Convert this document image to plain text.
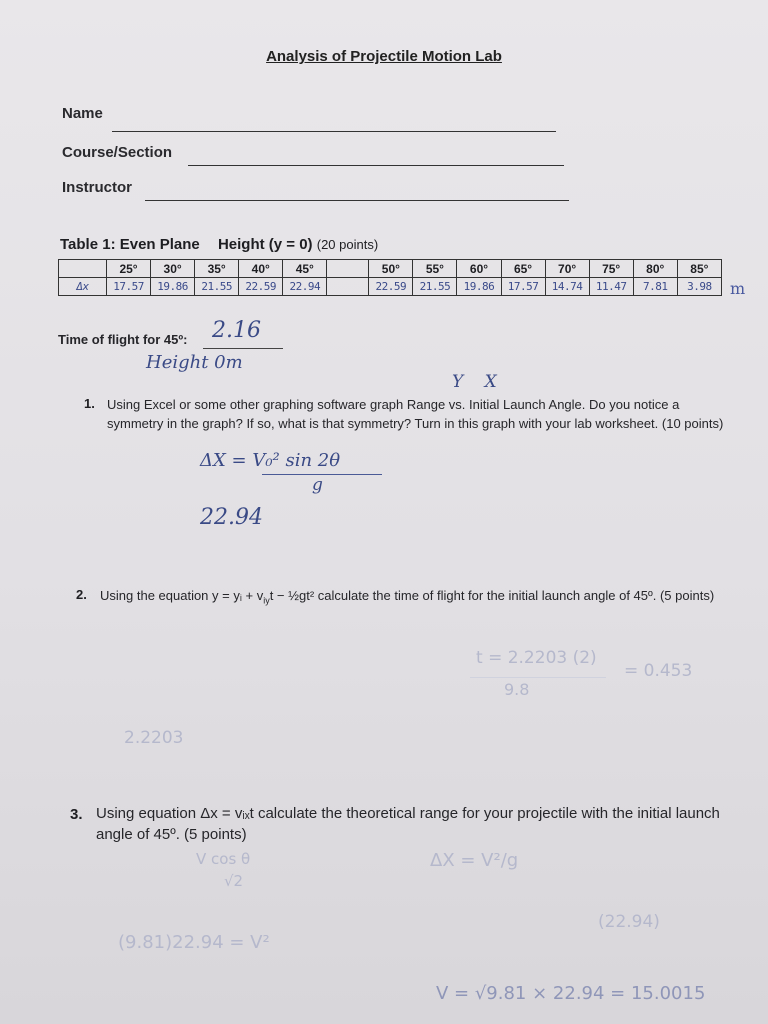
Analysis of Projectile Motion Lab
Name
Course/Section
Instructor
Table 1: Even Plane Height (y = 0) (20 points)
	25°	30°	35°	40°	45°		50°	55°	60°	65°	70°	75°	80°	85°
Δx	17.57	19.86	21.55	22.59	22.94		22.59	21.55	19.86	17.57	14.74	11.47	7.81	3.98 m
Time of flight for 45º: 2.16
Height 0m
Y X
1. Using Excel or some other graphing software graph Range vs. Initial Launch Angle. Do you notice a symmetry in the graph? If so, what is that symmetry? Turn in this graph with your lab worksheet. (10 points)
ΔX = V₀² sin 2θ
g
22.94
2. Using the equation y = yᵢ + $v_{iy}t$ − ½gt² calculate the time of flight for the initial launch angle of 45º. (5 points)
t = 2.2203 (2)
9.8
= 0.453
2.2203
3. Using equation Δx = vᵢₓt calculate the theoretical range for your projectile with the initial launch angle of 45º. (5 points)
ΔX = V²/g
V cos θ
√2
(9.81)22.94 = V²
(22.94)
V = √9.81 × 22.94 = 15.0015
